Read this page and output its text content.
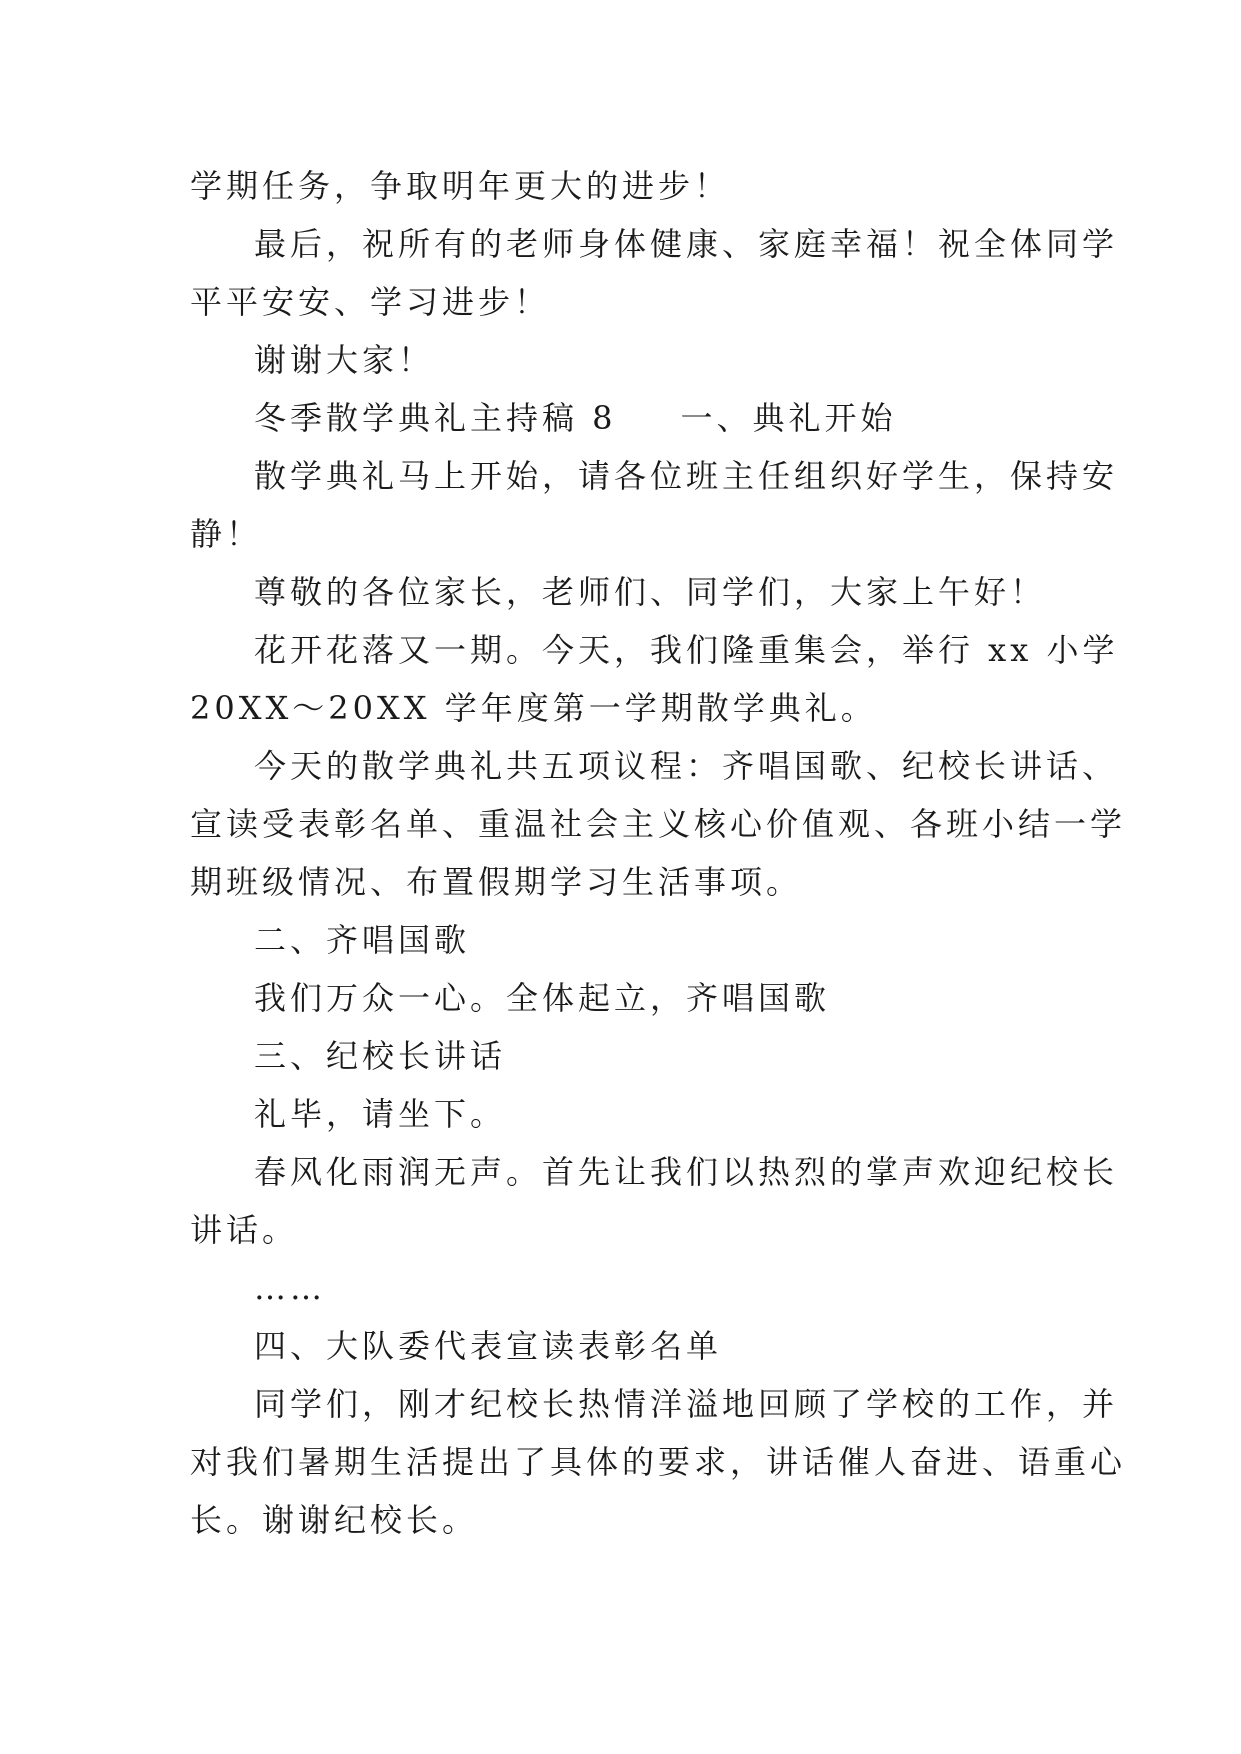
学期任务，争取明年更大的进步！
最后，祝所有的老师身体健康、家庭幸福！祝全体同学
平平安安、学习进步！
谢谢大家！
冬季散学典礼主持稿 8 一、典礼开始
散学典礼马上开始，请各位班主任组织好学生，保持安
静！
尊敬的各位家长，老师们、同学们，大家上午好！
花开花落又一期。今天，我们隆重集会，举行 xx 小学
20XX～20XX 学年度第一学期散学典礼。
今天的散学典礼共五项议程：齐唱国歌、纪校长讲话、
宣读受表彰名单、重温社会主义核心价值观、各班小结一学
期班级情况、布置假期学习生活事项。
二、齐唱国歌
我们万众一心。全体起立，齐唱国歌
三、纪校长讲话
礼毕，请坐下。
春风化雨润无声。首先让我们以热烈的掌声欢迎纪校长
讲话。
……
四、大队委代表宣读表彰名单
同学们，刚才纪校长热情洋溢地回顾了学校的工作，并
对我们暑期生活提出了具体的要求，讲话催人奋进、语重心
长。谢谢纪校长。
